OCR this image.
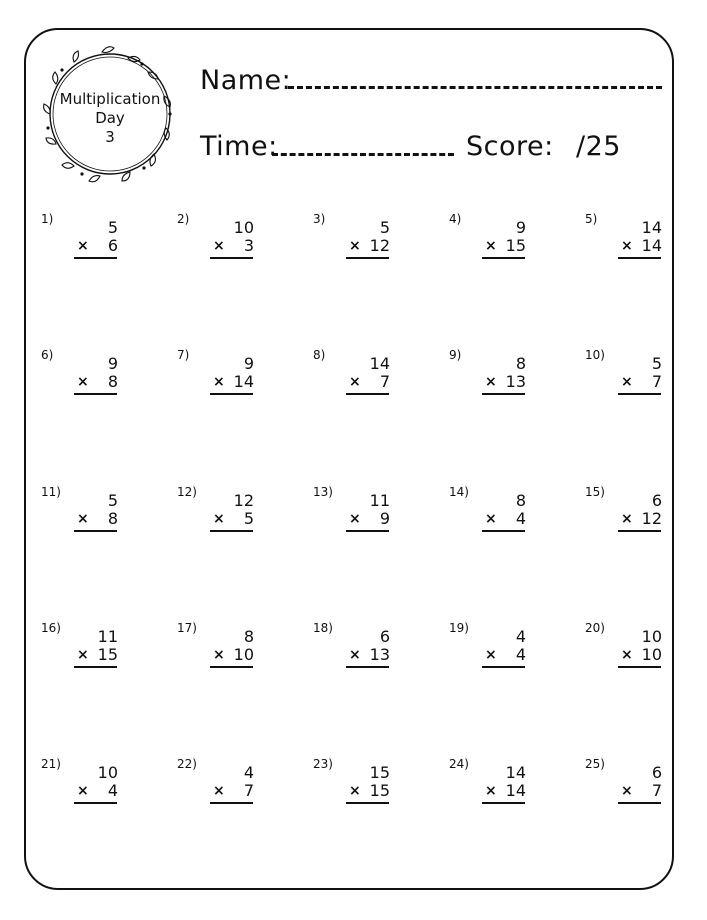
Multiplication
Day
3
Name:
Time:	Score: /25
1)	5
× 6
2)	10
× 3
3)	5
× 12
4)	9
× 15
5)	14
× 14
6)	9
× 8
7)	9
× 14
8)	14
× 7
9)	8
× 13
10)	5
× 7
11)	5
× 8
12) 12
× 5
13) 11
× 9
14)	8
× 4
15)	6
× 12
16) 11
× 15
17)	8
× 10
18)	6
× 13
19)	4
× 4
20) 10
× 10
21) 10
× 4
22)	4
× 7
23) 15
× 15
24) 14
× 14
25)	6
× 7
